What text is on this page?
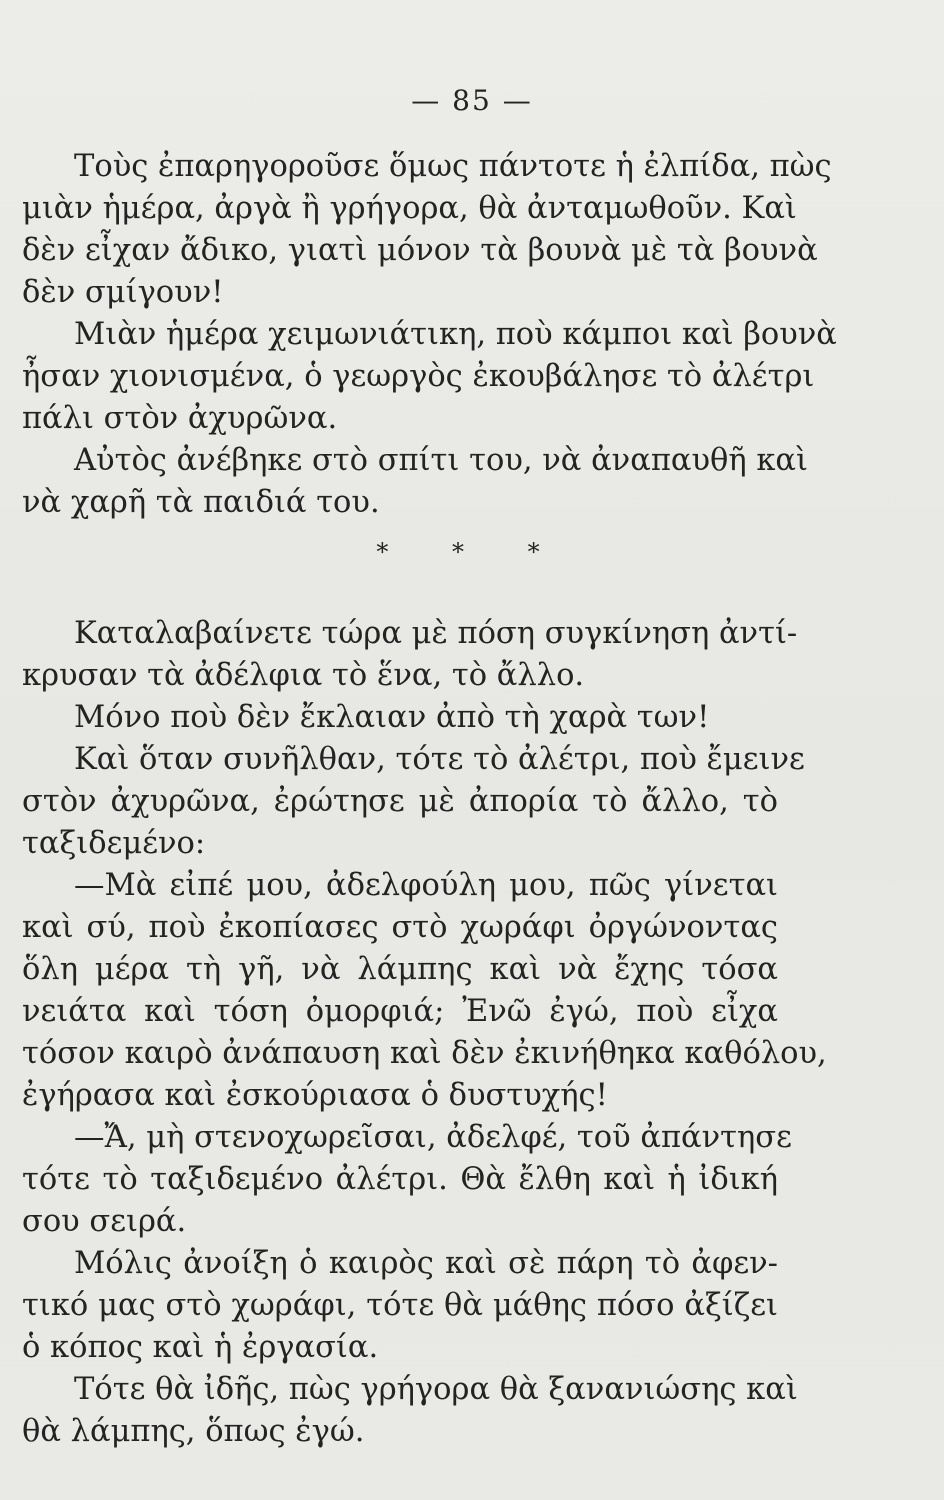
— 85 —
Τοὺς ἐπαρηγοροῦσε ὅμως πάντοτε ἡ ἐλπίδα, πὼς
μιὰν ἡμέρα, ἀργὰ ἢ γρήγορα, θὰ ἀνταμωθοῦν. Καὶ
δὲν εἶχαν ἄδικο, γιατὶ μόνον τὰ βουνὰ μὲ τὰ βουνὰ
δὲν σμίγουν!
Μιὰν ἡμέρα χειμωνιάτικη, ποὺ κάμποι καὶ βουνὰ
ἦσαν χιονισμένα, ὁ γεωργὸς ἐκουβάλησε τὸ ἀλέτρι
πάλι στὸν ἀχυρῶνα.
Αὐτὸς ἀνέβηκε στὸ σπίτι του, νὰ ἀναπαυθῆ καὶ
νὰ χαρῆ τὰ παιδιά του.
* * *
Καταλαβαίνετε τώρα μὲ πόση συγκίνηση ἀντί-
κρυσαν τὰ ἀδέλφια τὸ ἕνα, τὸ ἄλλο.
Μόνο ποὺ δὲν ἔκλαιαν ἀπὸ τὴ χαρὰ των!
Καὶ ὅταν συνῆλθαν, τότε τὸ ἀλέτρι, ποὺ ἔμεινε
στὸν ἀχυρῶνα, ἐρώτησε μὲ ἀπορία τὸ ἄλλο, τὸ
ταξιδεμένο:
—Μὰ εἰπέ μου, ἀδελφούλη μου, πῶς γίνεται
καὶ σύ, ποὺ ἐκοπίασες στὸ χωράφι ὀργώνοντας
ὅλη μέρα τὴ γῆ, νὰ λάμπης καὶ νὰ ἔχης τόσα
νειάτα καὶ τόση ὀμορφιά; Ἐνῶ ἐγώ, ποὺ εἶχα
τόσον καιρὸ ἀνάπαυση καὶ δὲν ἐκινήθηκα καθόλου,
ἐγήρασα καὶ ἐσκούριασα ὁ δυστυχής!
—Ἄ, μὴ στενοχωρεῖσαι, ἀδελφέ, τοῦ ἀπάντησε
τότε τὸ ταξιδεμένο ἀλέτρι. Θὰ ἔλθη καὶ ἡ ἰδική
σου σειρά.
Μόλις ἀνοίξη ὁ καιρὸς καὶ σὲ πάρη τὸ ἀφεν-
τικό μας στὸ χωράφι, τότε θὰ μάθης πόσο ἀξίζει
ὁ κόπος καὶ ἡ ἐργασία.
Τότε θὰ ἰδῆς, πὼς γρήγορα θὰ ξανανιώσης καὶ
θὰ λάμπης, ὅπως ἐγώ.
